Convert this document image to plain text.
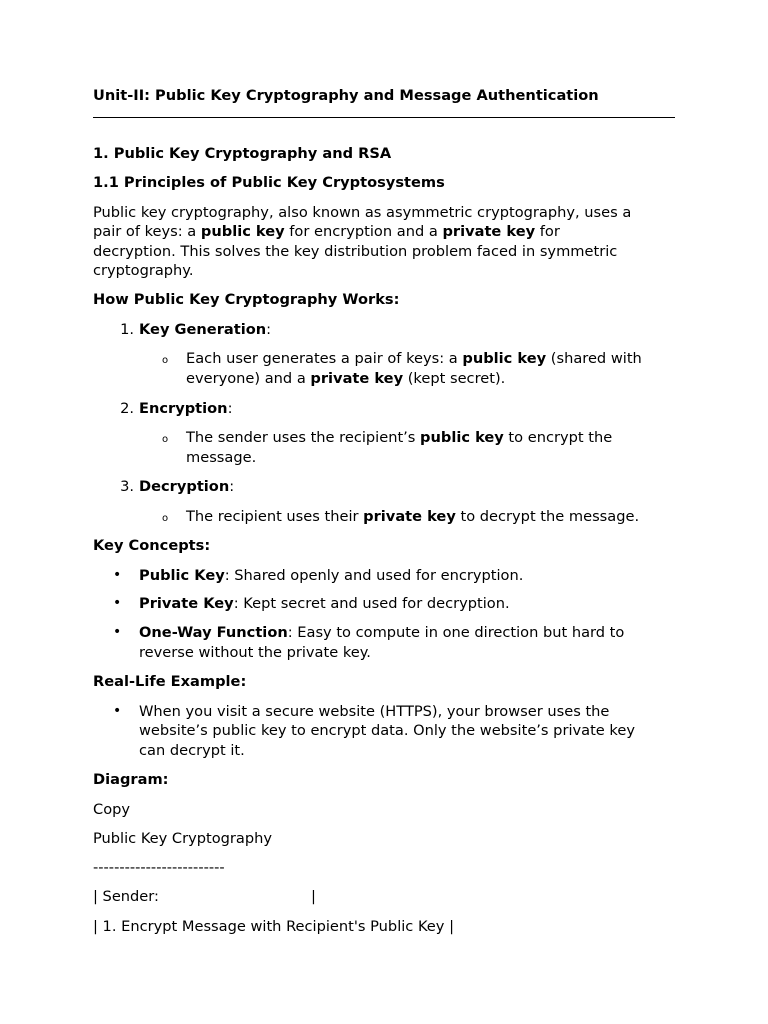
Unit-II: Public Key Cryptography and Message Authentication

1. Public Key Cryptography and RSA

1.1 Principles of Public Key Cryptosystems

Public key cryptography, also known as asymmetric cryptography, uses a

pair of keys: a public key for encryption and a private key for

decryption. This solves the key distribution problem faced in symmetric

cryptography.

How Public Key Cryptography Works:

1. Key Generation:

o	Each user generates a pair of keys: a public key (shared with

everyone) and a private key (kept secret).

2. Encryption:

o	The sender uses the recipient’s public key to encrypt the

message.

3. Decryption:

o	The recipient uses their private key to decrypt the message.

Key Concepts:

•	Public Key: Shared openly and used for encryption.

•	Private Key: Kept secret and used for decryption.

•	One-Way Function: Easy to compute in one direction but hard to

reverse without the private key.

Real-Life Example:

•	When you visit a secure website (HTTPS), your browser uses the

website’s public key to encrypt data. Only the website’s private key

can decrypt it.

Diagram:

Copy

Public Key Cryptography

-------------------------

| Sender:	|

| 1. Encrypt Message with Recipient's Public Key |
